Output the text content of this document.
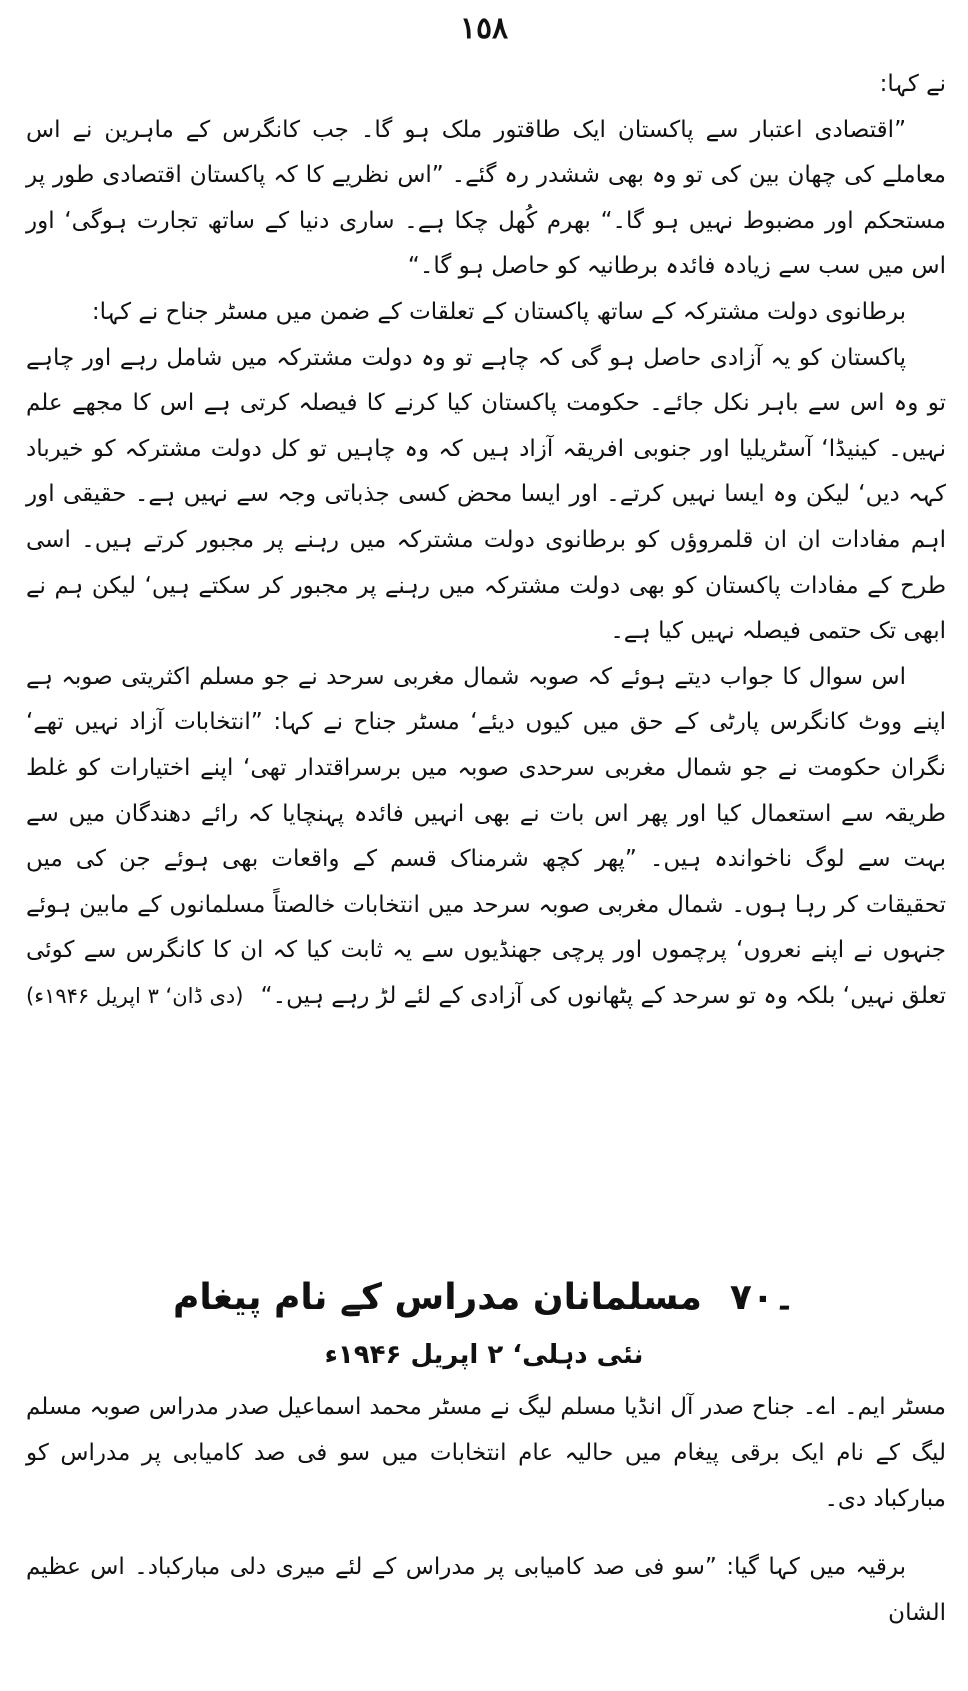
١٥٨

نے کہا:

”اقتصادی اعتبار سے پاکستان ایک طاقتور ملک ہو گا۔ جب کانگرس کے ماہرین نے اس معاملے کی چھان بین کی تو وہ بھی ششدر رہ گئے۔ ”اس نظریے کا کہ پاکستان اقتصادی طور پر مستحکم اور مضبوط نہیں ہو گا۔“ بھرم کُھل چکا ہے۔ ساری دنیا کے ساتھ تجارت ہوگی‘ اور اس میں سب سے زیادہ فائدہ برطانیہ کو حاصل ہو گا۔“

برطانوی دولت مشترکہ کے ساتھ پاکستان کے تعلقات کے ضمن میں مسٹر جناح نے کہا:

پاکستان کو یہ آزادی حاصل ہو گی کہ چاہے تو وہ دولت مشترکہ میں شامل رہے اور چاہے تو وہ اس سے باہر نکل جائے۔ حکومت پاکستان کیا کرنے کا فیصلہ کرتی ہے اس کا مجھے علم نہیں۔ کینیڈا‘ آسٹریلیا اور جنوبی افریقہ آزاد ہیں کہ وہ چاہیں تو کل دولت مشترکہ کو خیرباد کہہ دیں‘ لیکن وہ ایسا نہیں کرتے۔ اور ایسا محض کسی جذباتی وجہ سے نہیں ہے۔ حقیقی اور اہم مفادات ان ان قلمروؤں کو برطانوی دولت مشترکہ میں رہنے پر مجبور کرتے ہیں۔ اسی طرح کے مفادات پاکستان کو بھی دولت مشترکہ میں رہنے پر مجبور کر سکتے ہیں‘ لیکن ہم نے ابھی تک حتمی فیصلہ نہیں کیا ہے۔

اس سوال کا جواب دیتے ہوئے کہ صوبہ شمال مغربی سرحد نے جو مسلم اکثریتی صوبہ ہے اپنے ووٹ کانگرس پارٹی کے حق میں کیوں دیئے‘ مسٹر جناح نے کہا: ”انتخابات آزاد نہیں تھے‘ نگران حکومت نے جو شمال مغربی سرحدی صوبہ میں برسراقتدار تھی‘ اپنے اختیارات کو غلط طریقہ سے استعمال کیا اور پھر اس بات نے بھی انہیں فائدہ پہنچایا کہ رائے دھندگان میں سے بہت سے لوگ ناخواندہ ہیں۔ ”پھر کچھ شرمناک قسم کے واقعات بھی ہوئے جن کی میں تحقیقات کر رہا ہوں۔ شمال مغربی صوبہ سرحد میں انتخابات خالصتاً مسلمانوں کے مابین ہوئے جنہوں نے اپنے نعروں‘ پرچموں اور پرچی جھنڈیوں سے یہ ثابت کیا کہ ان کا کانگرس سے کوئی تعلق نہیں‘ بلکہ وہ تو سرحد کے پٹھانوں کی آزادی کے لئے لڑ رہے ہیں۔“

(دی ڈان‘ ۳ اپریل ۱۹۴۶ء)
۔۷۰مسلمانان مدراس کے نام پیغام
نئی دہلی‘ ۲ اپریل ۱۹۴۶ء

مسٹر ایم۔ اے۔ جناح صدر آل انڈیا مسلم لیگ نے مسٹر محمد اسماعیل صدر مدراس صوبہ مسلم لیگ کے نام ایک برقی پیغام میں حالیہ عام انتخابات میں سو فی صد کامیابی پر مدراس کو مبارکباد دی۔

برقیہ میں کہا گیا: ”سو فی صد کامیابی پر مدراس کے لئے میری دلی مبارکباد۔ اس عظیم الشان
